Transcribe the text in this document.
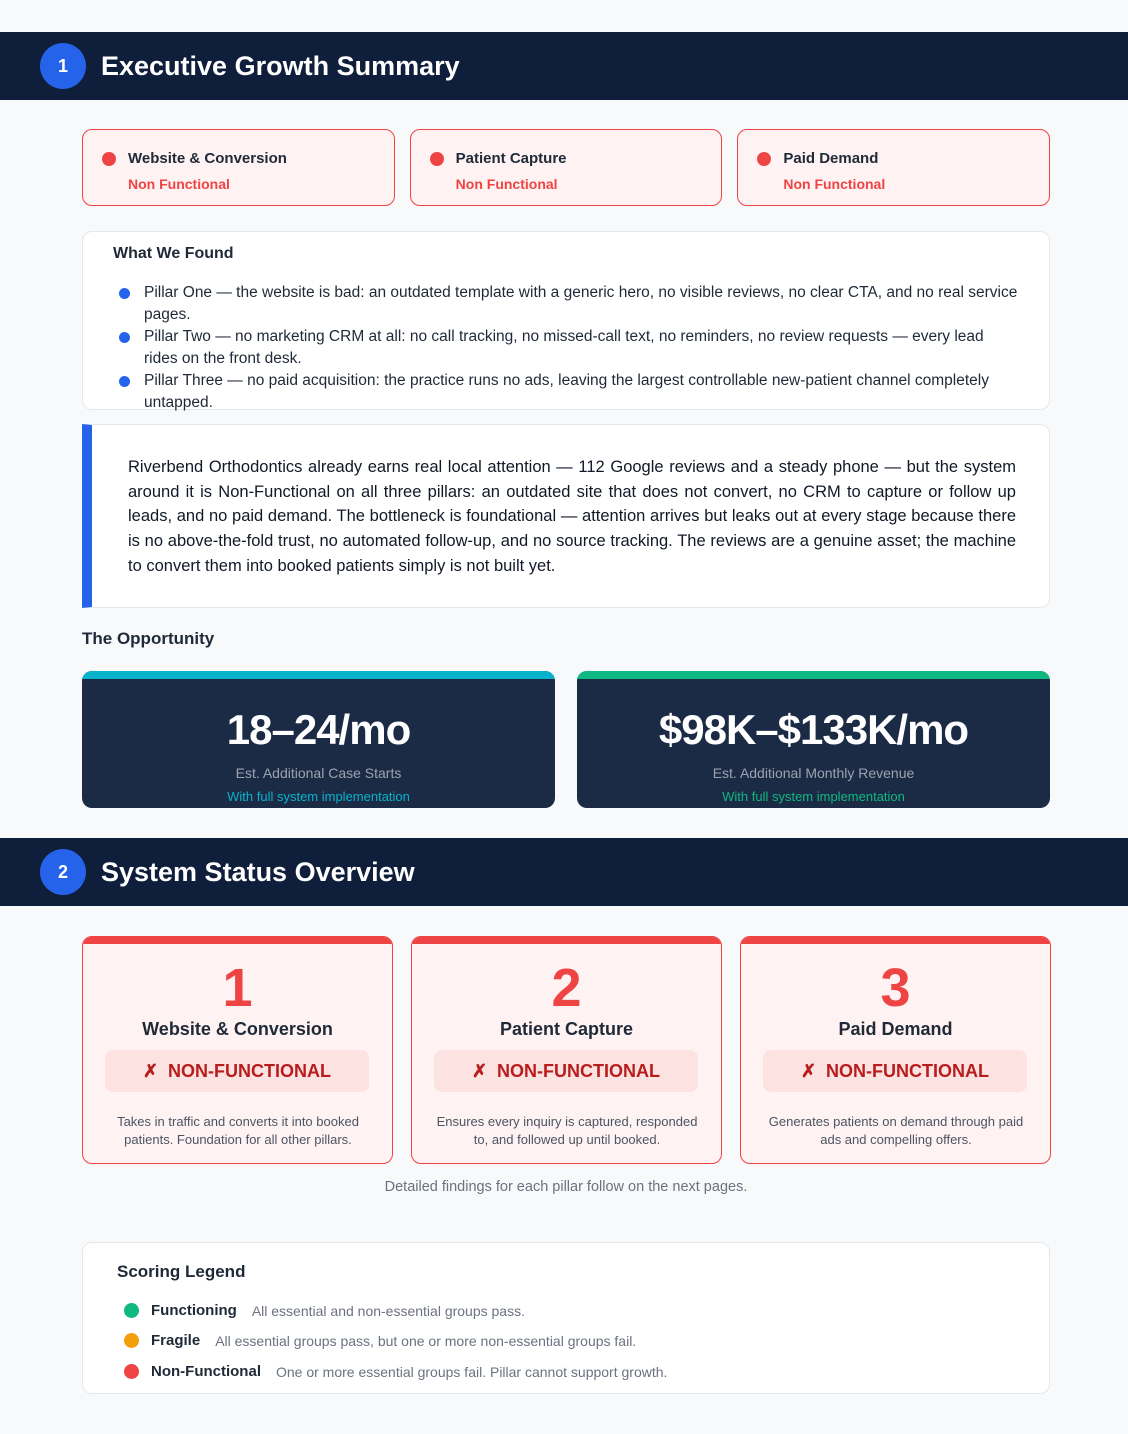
1	Executive Growth Summary
Website & Conversion
Non Functional
Patient Capture
Non Functional
Paid Demand
Non Functional
What We Found
Pillar One — the website is bad: an outdated template with a generic hero, no visible reviews, no clear CTA, and no real service pages.
Pillar Two — no marketing CRM at all: no call tracking, no missed-call text, no reminders, no review requests — every lead rides on the front desk.
Pillar Three — no paid acquisition: the practice runs no ads, leaving the largest controllable new-patient channel completely untapped.

Riverbend Orthodontics already earns real local attention — 112 Google reviews and a steady phone — but the system around it is Non-Functional on all three pillars: an outdated site that does not convert, no CRM to capture or follow up leads, and no paid demand. The bottleneck is foundational — attention arrives but leaks out at every stage because there is no above-the-fold trust, no automated follow-up, and no source tracking. The reviews are a genuine asset; the machine to convert them into booked patients simply is not built yet.

The Opportunity
18–24/mo
Est. Additional Case Starts
With full system implementation
$98K–$133K/mo
Est. Additional Monthly Revenue
With full system implementation
2	System Status Overview
1
Website & Conversion
✗ NON-FUNCTIONAL
Takes in traffic and converts it into booked patients. Foundation for all other pillars.
2
Patient Capture
✗ NON-FUNCTIONAL
Ensures every inquiry is captured, responded to, and followed up until booked.
3
Paid Demand
✗ NON-FUNCTIONAL
Generates patients on demand through paid ads and compelling offers.
Detailed findings for each pillar follow on the next pages.
Scoring Legend
Functioning All essential and non-essential groups pass.
Fragile All essential groups pass, but one or more non-essential groups fail.
Non-Functional One or more essential groups fail. Pillar cannot support growth.
